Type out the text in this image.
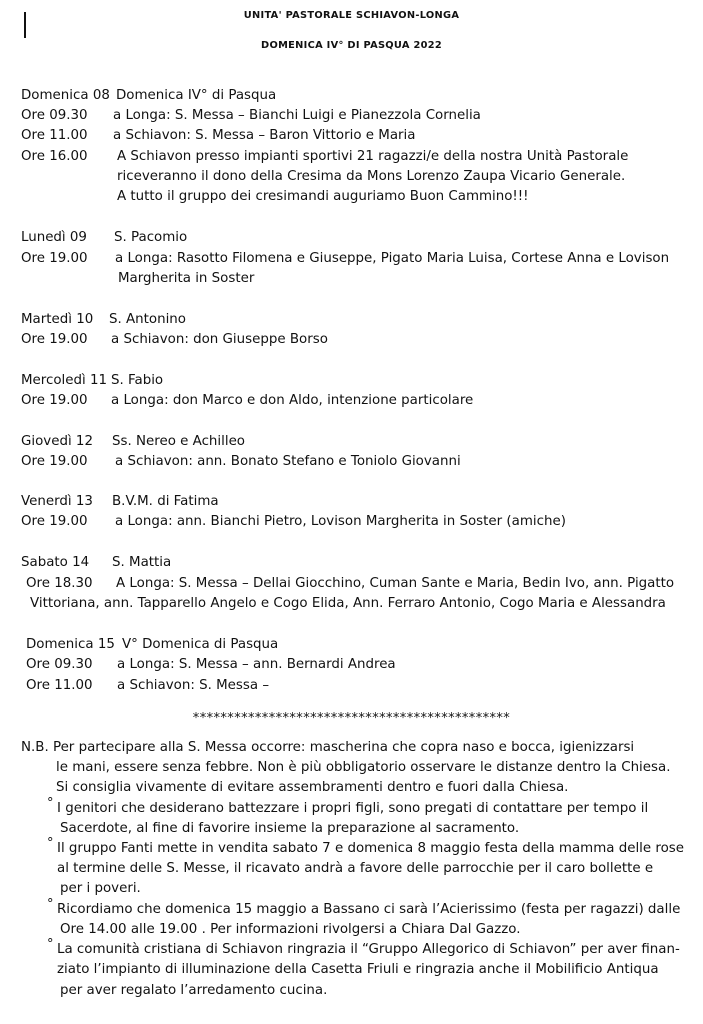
UNITA' PASTORALE SCHIAVON-LONGA
DOMENICA IV° DI PASQUA 2022
Domenica 08 Domenica IV° di Pasqua
Ore 09.30 a Longa: S. Messa – Bianchi Luigi e Pianezzola Cornelia
Ore 11.00 a Schiavon: S. Messa – Baron Vittorio e Maria
Ore 16.00 A Schiavon presso impianti sportivi 21 ragazzi/e della nostra Unità Pastorale
riceveranno il dono della Cresima da Mons Lorenzo Zaupa Vicario Generale.
A tutto il gruppo dei cresimandi auguriamo Buon Cammino!!!
Lunedì 09 S. Pacomio
Ore 19.00 a Longa: Rasotto Filomena e Giuseppe, Pigato Maria Luisa, Cortese Anna e Lovison
Margherita in Soster
Martedì 10 S. Antonino
Ore 19.00 a Schiavon: don Giuseppe Borso
Mercoledì 11 S. Fabio
Ore 19.00 a Longa: don Marco e don Aldo, intenzione particolare
Giovedì 12 Ss. Nereo e Achilleo
Ore 19.00 a Schiavon: ann. Bonato Stefano e Toniolo Giovanni
Venerdì 13 B.V.M. di Fatima
Ore 19.00 a Longa: ann. Bianchi Pietro, Lovison Margherita in Soster (amiche)
Sabato 14 S. Mattia
Ore 18.30 A Longa: S. Messa – Dellai Giocchino, Cuman Sante e Maria, Bedin Ivo, ann. Pigatto
Vittoriana, ann. Tapparello Angelo e Cogo Elida, Ann. Ferraro Antonio, Cogo Maria e Alessandra
Domenica 15 V° Domenica di Pasqua
Ore 09.30 a Longa: S. Messa – ann. Bernardi Andrea
Ore 11.00 a Schiavon: S. Messa –
**********************************************
N.B. Per partecipare alla S. Messa occorre: mascherina che copra naso e bocca, igienizzarsi
le mani, essere senza febbre. Non è più obbligatorio osservare le distanze dentro la Chiesa.
Si consiglia vivamente di evitare assembramenti dentro e fuori dalla Chiesa.
° I genitori che desiderano battezzare i propri figli, sono pregati di contattare per tempo il
Sacerdote, al fine di favorire insieme la preparazione al sacramento.
° Il gruppo Fanti mette in vendita sabato 7 e domenica 8 maggio festa della mamma delle rose
al termine delle S. Messe, il ricavato andrà a favore delle parrocchie per il caro bollette e
per i poveri.
° Ricordiamo che domenica 15 maggio a Bassano ci sarà l’Acierissimo (festa per ragazzi) dalle
Ore 14.00 alle 19.00 . Per informazioni rivolgersi a Chiara Dal Gazzo.
° La comunità cristiana di Schiavon ringrazia il “Gruppo Allegorico di Schiavon” per aver finan-
ziato l’impianto di illuminazione della Casetta Friuli e ringrazia anche il Mobilificio Antiqua
per aver regalato l’arredamento cucina.
